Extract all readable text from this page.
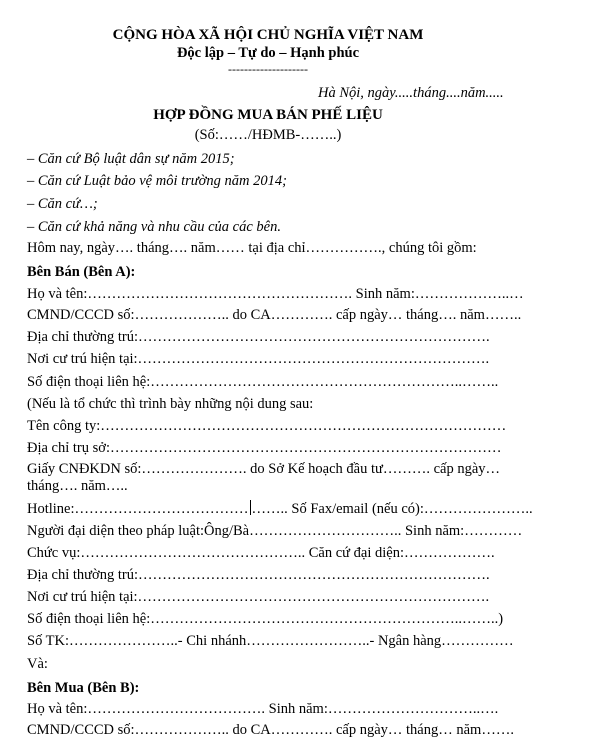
CỘNG HÒA XÃ HỘI CHỦ NGHĨA VIỆT NAM
Độc lập – Tự do – Hạnh phúc
--------------------
Hà Nội, ngày.....tháng....năm.....
HỢP ĐỒNG MUA BÁN PHẾ LIỆU
(Số:……/HĐMB-……..)
– Căn cứ Bộ luật dân sự năm 2015;
– Căn cứ Luật bảo vệ môi trường năm 2014;
– Căn cứ…;
– Căn cứ khả năng và nhu cầu của các bên.
Hôm nay, ngày…. tháng…. năm…… tại địa chỉ……………., chúng tôi gồm:
Bên Bán (Bên A):
Họ và tên:………………………………………………. Sinh năm:………………..…
CMND/CCCD số:……………….. do CA…………. cấp ngày… tháng…. năm……..
Địa chỉ thường trú:……………………………………………………………….
Nơi cư trú hiện tại:……………………………………………………………….
Số điện thoại liên hệ:………………………………………………………..……..
(Nếu là tổ chức thì trình bày những nội dung sau:
Tên công ty:…………………………………………………………………………
Địa chỉ trụ sở:………………………………………………………………………
Giấy CNĐKDN số:…………………. do Sở Kế hoạch đầu tư………. cấp ngày…
tháng…. năm…..
Hotline:……………………………… …….. Số Fax/email (nếu có):…………………..
Người đại diện theo pháp luật:Ông/Bà………………………….. Sinh năm:…………
Chức vụ:……………………………………….. Căn cứ đại diện:……………….
Địa chỉ thường trú:……………………………………………………………….
Nơi cư trú hiện tại:……………………………………………………………….
Số điện thoại liên hệ:………………………………………………………..……..)
Số TK:…………………..- Chi nhánh……………………..- Ngân hàng……………
Và:
Bên Mua (Bên B):
Họ và tên:………………………………. Sinh năm:…………………………..….
CMND/CCCD số:……………….. do CA…………. cấp ngày… tháng… năm…….
